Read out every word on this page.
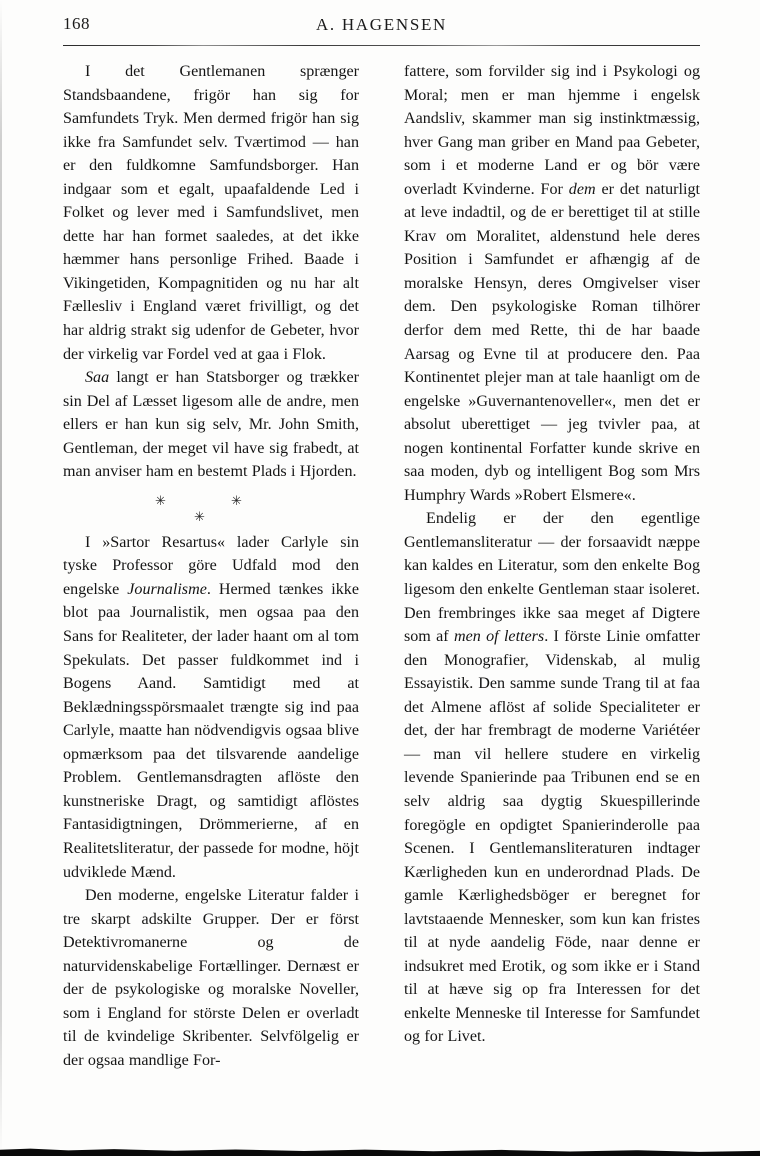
168	A. HAGENSEN

I det Gentlemanen sprænger Standsbaandene, frigör han sig for Samfundets Tryk. Men dermed frigör han sig ikke fra Samfundet selv. Tværtimod — han er den fuldkomne Samfundsborger. Han indgaar som et egalt, upaafaldende Led i Folket og lever med i Samfundslivet, men dette har han formet saaledes, at det ikke hæmmer hans personlige Frihed. Baade i Vikingetiden, Kompagnitiden og nu har alt Fællesliv i England været frivilligt, og det har aldrig strakt sig udenfor de Gebeter, hvor der virkelig var Fordel ved at gaa i Flok.

Saa langt er han Statsborger og trækker sin Del af Læsset ligesom alle de andre, men ellers er han kun sig selv, Mr. John Smith, Gentleman, der meget vil have sig frabedt, at man anviser ham en bestemt Plads i Hjorden.

✳	✳
✳

I »Sartor Resartus« lader Carlyle sin tyske Professor göre Udfald mod den engelske Journalisme. Hermed tænkes ikke blot paa Journalistik, men ogsaa paa den Sans for Realiteter, der lader haant om al tom Spekulats. Det passer fuldkommet ind i Bogens Aand. Samtidigt med at Beklædningsspörsmaalet trængte sig ind paa Carlyle, maatte han nödvendigvis ogsaa blive opmærksom paa det tilsvarende aandelige Problem. Gentlemansdragten aflöste den kunstneriske Dragt, og samtidigt aflöstes Fantasidigtningen, Drömmerierne, af en Realitetsliteratur, der passede for modne, höjt udviklede Mænd.

Den moderne, engelske Literatur falder i tre skarpt adskilte Grupper. Der er först Detektivromanerne og de naturvidenskabelige Fortællinger. Dernæst er der de psykologiske og moralske Noveller, som i England for störste Delen er overladt til de kvindelige Skribenter. Selvfölgelig er der ogsaa mandlige For-

fattere, som forvilder sig ind i Psykologi og Moral; men er man hjemme i engelsk Aandsliv, skammer man sig instinktmæssig, hver Gang man griber en Mand paa Gebeter, som i et moderne Land er og bör være overladt Kvinderne. For dem er det naturligt at leve indadtil, og de er berettiget til at stille Krav om Moralitet, aldenstund hele deres Position i Samfundet er afhængig af de moralske Hensyn, deres Omgivelser viser dem. Den psykologiske Roman tilhörer derfor dem med Rette, thi de har baade Aarsag og Evne til at producere den. Paa Kontinentet plejer man at tale haanligt om de engelske »Guvernantenoveller«, men det er absolut uberettiget — jeg tvivler paa, at nogen kontinental Forfatter kunde skrive en saa moden, dyb og intelligent Bog som Mrs Humphry Wards »Robert Elsmere«.

Endelig er der den egentlige Gentlemansliteratur — der forsaavidt næppe kan kaldes en Literatur, som den enkelte Bog ligesom den enkelte Gentleman staar isoleret. Den frembringes ikke saa meget af Digtere som af men of letters. I förste Linie omfatter den Monografier, Videnskab, al mulig Essayistik. Den samme sunde Trang til at faa det Almene aflöst af solide Specialiteter er det, der har frembragt de moderne Variétéer — man vil hellere studere en virkelig levende Spanierinde paa Tribunen end se en selv aldrig saa dygtig Skuespillerinde foregögle en opdigtet Spanierinderolle paa Scenen. I Gentlemansliteraturen indtager Kærligheden kun en underordnad Plads. De gamle Kærlighedsböger er beregnet for lavtstaaende Mennesker, som kun kan fristes til at nyde aandelig Föde, naar denne er indsukret med Erotik, og som ikke er i Stand til at hæve sig op fra Interessen for det enkelte Menneske til Interesse for Samfundet og for Livet.
